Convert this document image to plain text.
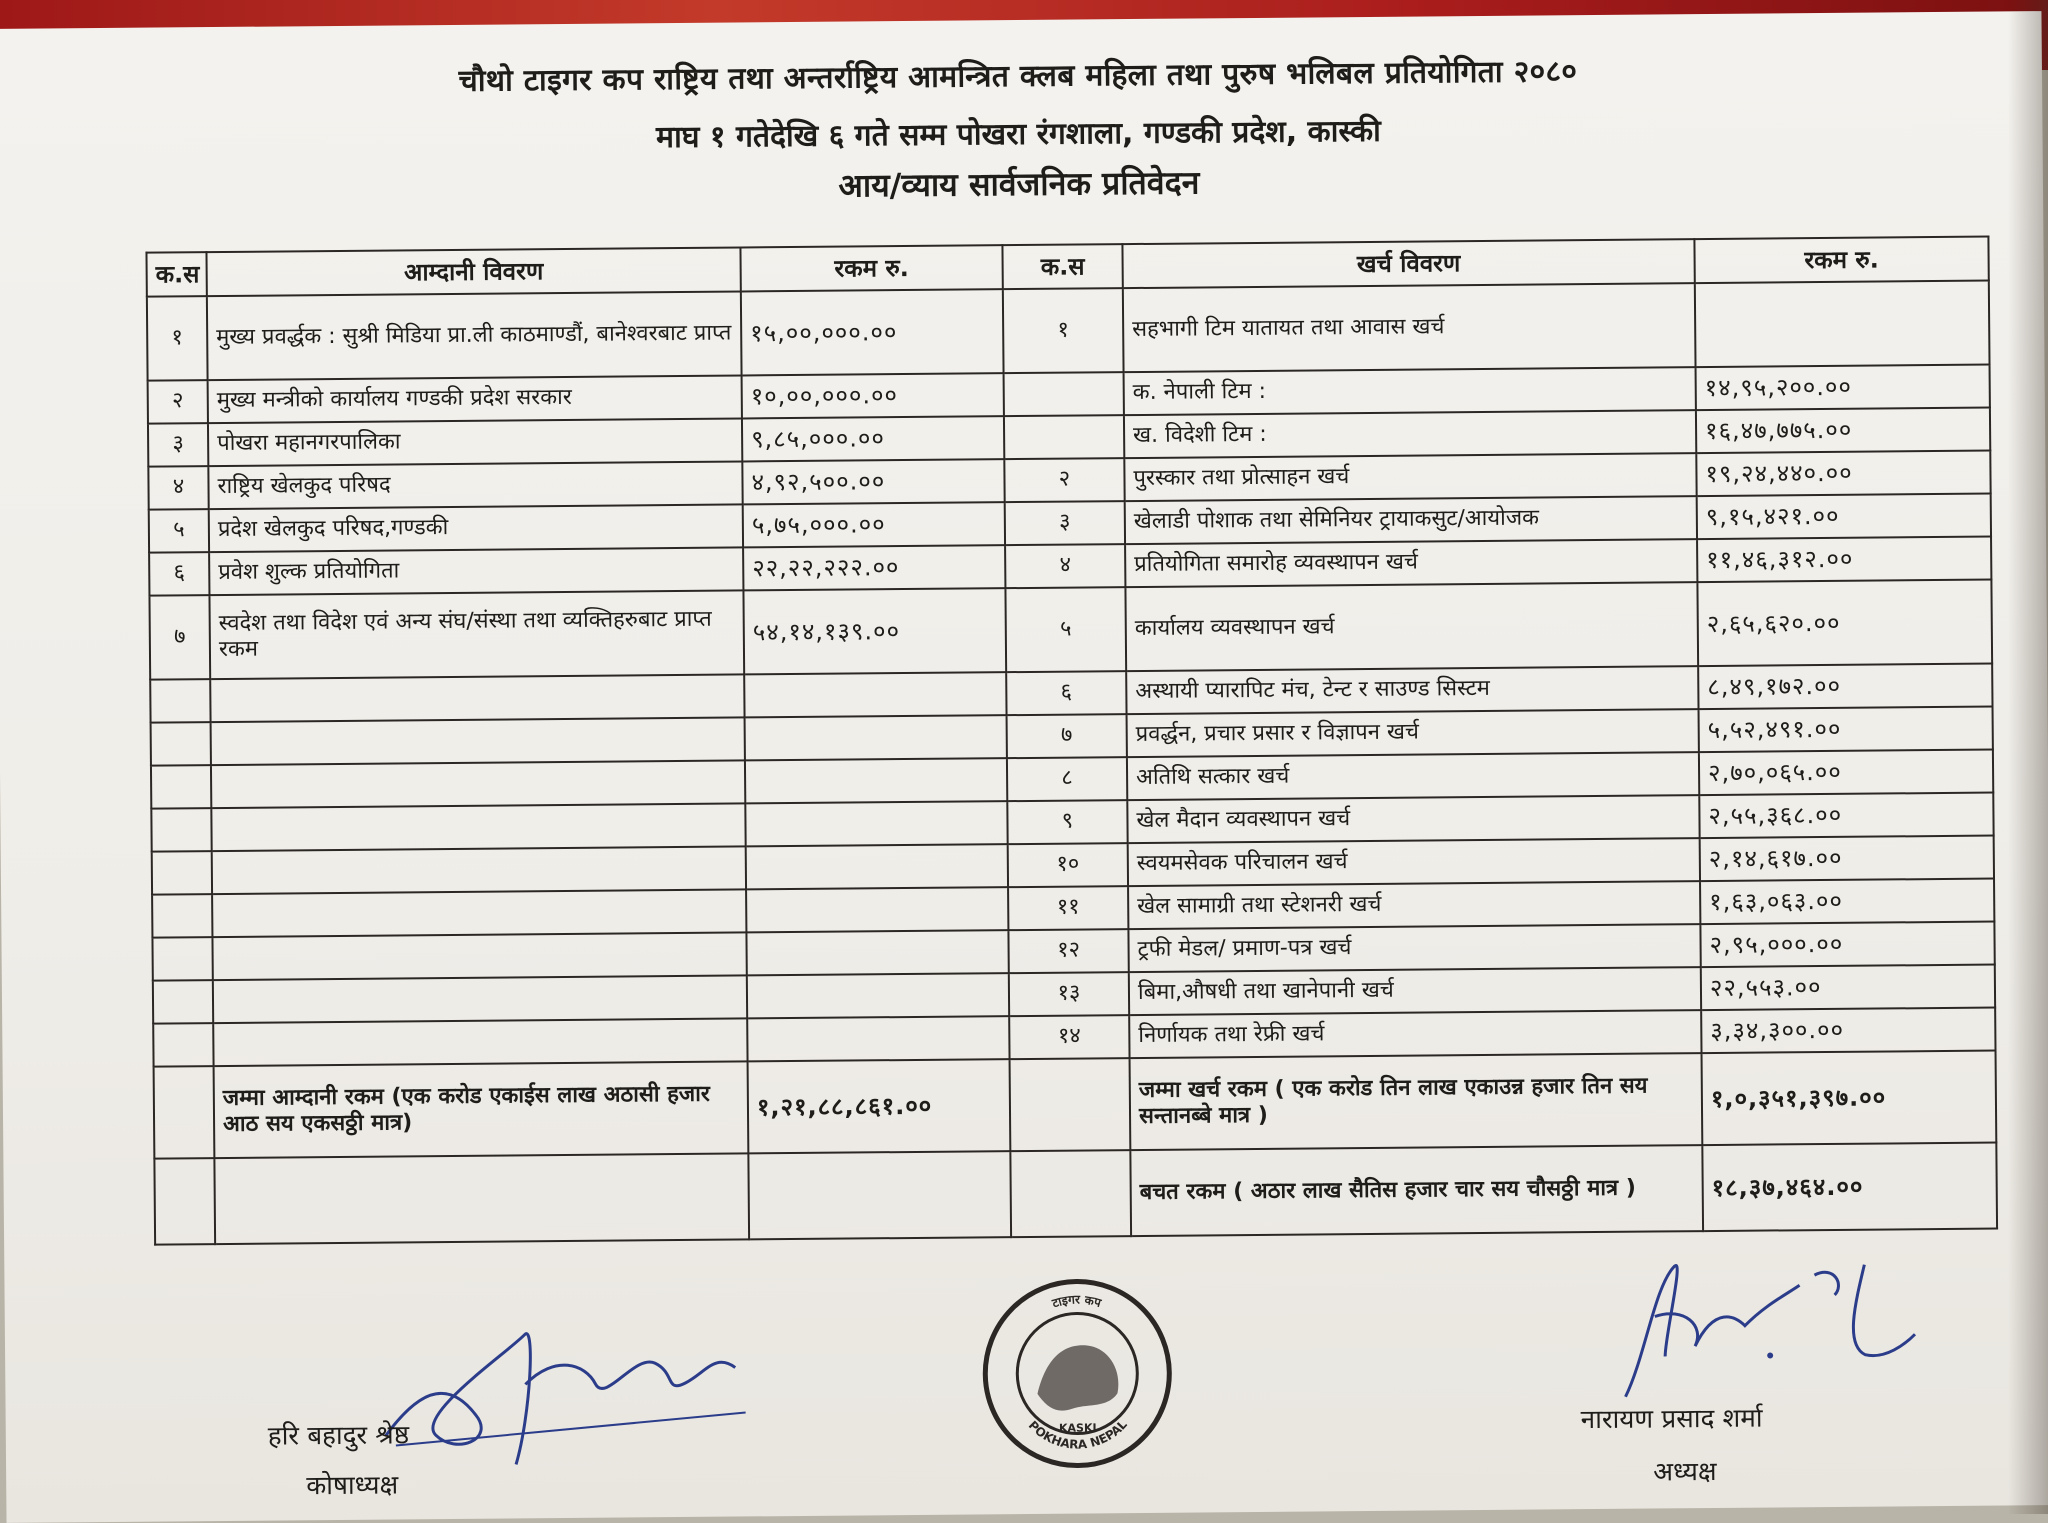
चौथो टाइगर कप राष्ट्रिय तथा अन्तर्राष्ट्रिय आमन्त्रित क्लब महिला तथा पुरुष भलिबल प्रतियोगिता २०८०
माघ १ गतेदेखि ६ गते सम्म पोखरा रंगशाला, गण्डकी प्रदेश, कास्की
आय/व्याय सार्वजनिक प्रतिवेदन
क.स	आम्दानी विवरण	रकम रु.	क.स	खर्च विवरण	रकम रु.
१	मुख्य प्रवर्द्धक : सुश्री मिडिया प्रा.ली काठमाण्डौं, बानेश्वरबाट प्राप्त	१५,००,०००.००	१	सहभागी टिम यातायत तथा आवास खर्च	
२	मुख्य मन्त्रीको कार्यालय गण्डकी प्रदेश सरकार	१०,००,०००.००		क. नेपाली टिम :	१४,९५,२००.००
३	पोखरा महानगरपालिका	९,८५,०००.००		ख. विदेशी टिम :	१६,४७,७७५.००
४	राष्ट्रिय खेलकुद परिषद	४,९२,५००.००	२	पुरस्कार तथा प्रोत्साहन खर्च	१९,२४,४४०.००
५	प्रदेश खेलकुद परिषद,गण्डकी	५,७५,०००.००	३	खेलाडी पोशाक तथा सेमिनियर ट्रायाकसुट/आयोजक	९,१५,४२१.००
६	प्रवेश शुल्क प्रतियोगिता	२२,२२,२२२.००	४	प्रतियोगिता समारोह व्यवस्थापन खर्च	११,४६,३१२.००
७	स्वदेश तथा विदेश एवं अन्य संघ/संस्था तथा व्यक्तिहरुबाट प्राप्त रकम	५४,१४,१३९.००	५	कार्यालय व्यवस्थापन खर्च	२,६५,६२०.००
			६	अस्थायी प्यारापिट मंच, टेन्ट र साउण्ड सिस्टम	८,४९,१७२.००
			७	प्रवर्द्धन, प्रचार प्रसार र विज्ञापन खर्च	५,५२,४९१.००
			८	अतिथि सत्कार खर्च	२,७०,०६५.००
			९	खेल मैदान व्यवस्थापन खर्च	२,५५,३६८.००
			१०	स्वयमसेवक परिचालन खर्च	२,१४,६१७.००
			११	खेल सामाग्री तथा स्टेशनरी खर्च	१,६३,०६३.००
			१२	ट्रफी मेडल/ प्रमाण-पत्र खर्च	२,९५,०००.००
			१३	बिमा,औषधी तथा खानेपानी खर्च	२२,५५३.००
			१४	निर्णायक तथा रेफ्री खर्च	३,३४,३००.००
	जम्मा आम्दानी रकम (एक करोड एकाईस लाख अठासी हजार आठ सय एकसठ्ठी मात्र)	१,२१,८८,८६१.००		जम्मा खर्च रकम ( एक करोड तिन लाख एकाउन्न हजार तिन सय सन्तानब्बे मात्र )	१,०,३५१,३९७.००
				बचत रकम ( अठार लाख सैतिस हजार चार सय चौसठ्ठी मात्र )	१८,३७,४६४.००
हरि बहादुर श्रेष्ठ
कोषाध्यक्ष
टाइगर कप
POKHARA NEPAL
KASKI	नारायण प्रसाद शर्मा
अध्यक्ष
